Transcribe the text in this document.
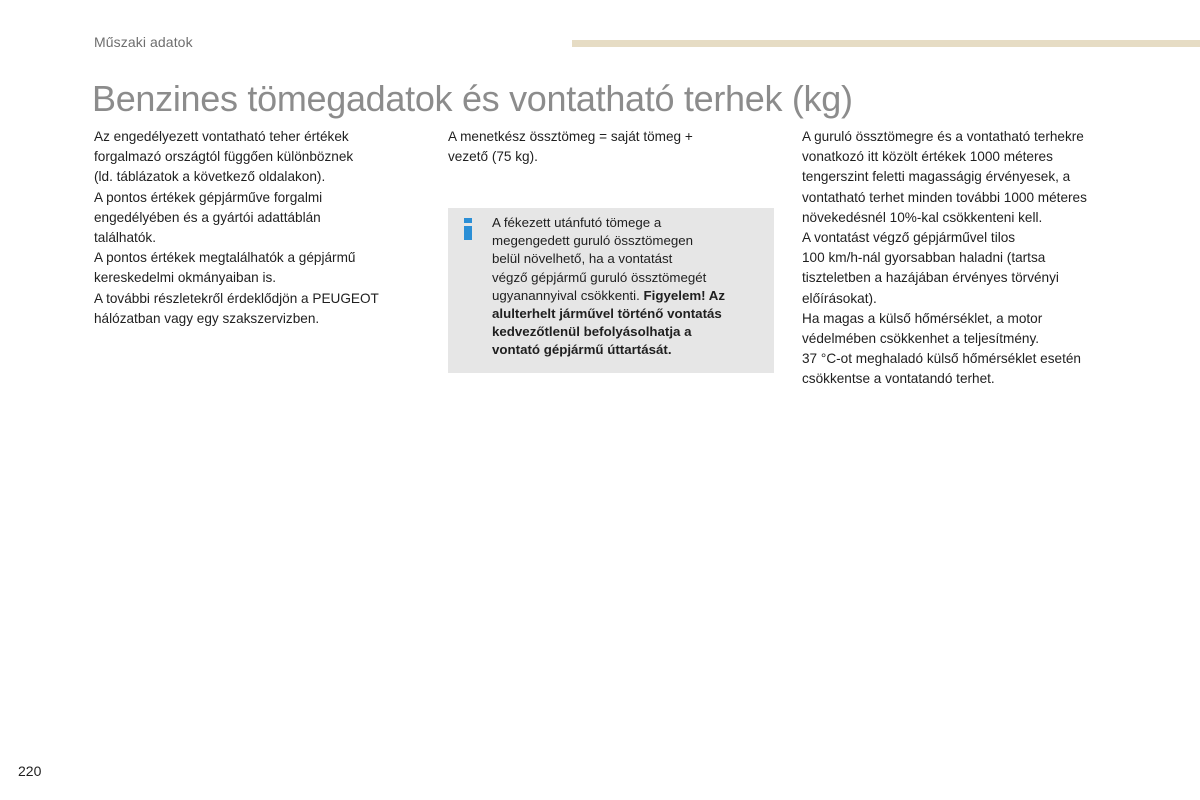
Műszaki adatok
Benzines tömegadatok és vontatható terhek (kg)

Az engedélyezett vontatható teher értékek
forgalmazó országtól függően különböznek
(ld. táblázatok a következő oldalakon).
A pontos értékek gépjárműve forgalmi
engedélyében és a gyártói adattáblán
találhatók.
A pontos értékek megtalálhatók a gépjármű
kereskedelmi okmányaiban is.
A további részletekről érdeklődjön a PEUGEOT
hálózatban vagy egy szakszervizben.

A menetkész össztömeg = saját tömeg +
vezető (75 kg).

A fékezett utánfutó tömege a
megengedett guruló össztömegen
belül növelhető, ha a vontatást
végző gépjármű guruló össztömegét
ugyanannyival csökkenti. Figyelem! Az
alulterhelt járművel történő vontatás
kedvezőtlenül befolyásolhatja a
vontató gépjármű úttartását.

A guruló össztömegre és a vontatható terhekre
vonatkozó itt közölt értékek 1000 méteres
tengerszint feletti magasságig érvényesek, a
vontatható terhet minden további 1000 méteres
növekedésnél 10%-kal csökkenteni kell.
A vontatást végző gépjárművel tilos
100 km/h-nál gyorsabban haladni (tartsa
tiszteletben a hazájában érvényes törvényi
előírásokat).
Ha magas a külső hőmérséklet, a motor
védelmében csökkenhet a teljesítmény.
37 °C-ot meghaladó külső hőmérséklet esetén
csökkentse a vontatandó terhet.

220
